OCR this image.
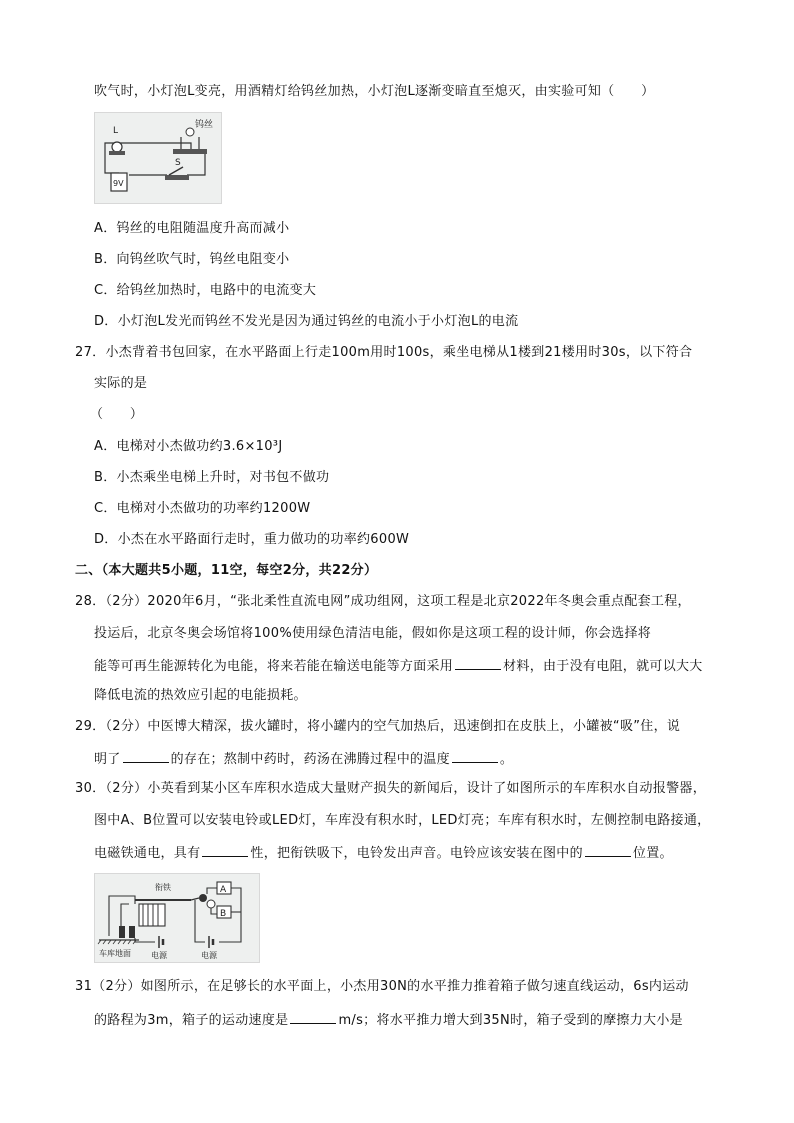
吹气时，小灯泡L变亮，用酒精灯给钨丝加热，小灯泡L逐渐变暗直至熄灭，由实验可知（　　）
L
钨丝
9V
S
A．钨丝的电阻随温度升高而减小
B．向钨丝吹气时，钨丝电阻变小
C．给钨丝加热时，电路中的电流变大
D．小灯泡L发光而钨丝不发光是因为通过钨丝的电流小于小灯泡L的电流
27．小杰背着书包回家，在水平路面上行走100m用时100s，乘坐电梯从1楼到21楼用时30s，以下符合
实际的是
（　　）
A．电梯对小杰做功约3.6×10³J
B．小杰乘坐电梯上升时，对书包不做功
C．电梯对小杰做功的功率约1200W
D．小杰在水平路面行走时，重力做功的功率约600W
二、（本大题共5小题，11空，每空2分，共22分）
28．（2分）2020年6月，“张北柔性直流电网”成功组网，这项工程是北京2022年冬奥会重点配套工程，
投运后，北京冬奥会场馆将100%使用绿色清洁电能，假如你是这项工程的设计师，你会选择将
能等可再生能源转化为电能，将来若能在输送电能等方面采用	材料，由于没有电阻，就可以大大
降低电流的热效应引起的电能损耗。
29．（2分）中医博大精深，拔火罐时，将小罐内的空气加热后，迅速倒扣在皮肤上，小罐被“吸”住，说
明了	的存在；熬制中药时，药汤在沸腾过程中的温度	。
30．（2分）小英看到某小区车库积水造成大量财产损失的新闻后，设计了如图所示的车库积水自动报警器，
图中A、B位置可以安装电铃或LED灯，车库没有积水时，LED灯亮；车库有积水时，左侧控制电路接通，
电磁铁通电，具有	性，把衔铁吸下，电铃发出声音。电铃应该安装在图中的	位置。
衔铁	A
B
电源	电源
车库地面
31（2分）如图所示，在足够长的水平面上，小杰用30N的水平推力推着箱子做匀速直线运动，6s内运动
的路程为3m，箱子的运动速度是	m/s；将水平推力增大到35N时，箱子受到的摩擦力大小是
